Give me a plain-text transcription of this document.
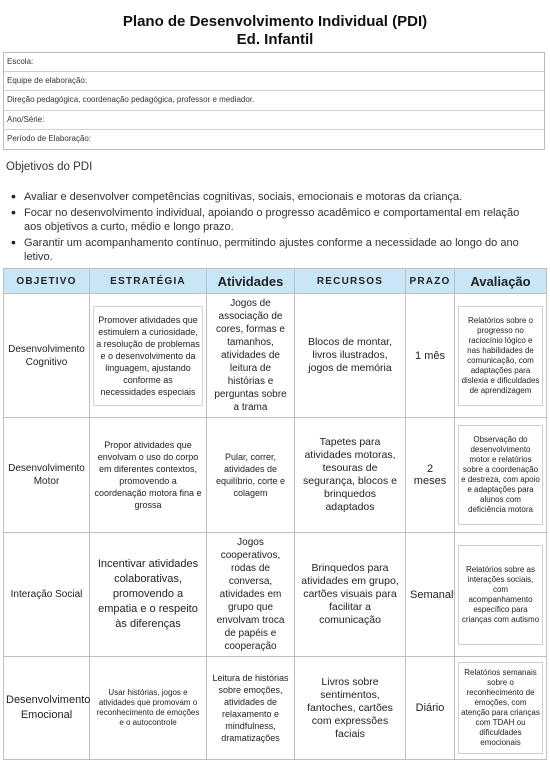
Plano de Desenvolvimento Individual (PDI)
Ed. Infantil
Escola:
Equipe de elaboração:
Direção pedagógica, coordenação pedagógica, professor e mediador.
Ano/Série:
Período de Elaboração:
Objetivos do PDI
• Avaliar e desenvolver competências cognitivas, sociais, emocionais e motoras da criança.
• Focar no desenvolvimento individual, apoiando o progresso acadêmico e comportamental em relação aos objetivos a curto, médio e longo prazo.
• Garantir um acompanhamento contínuo, permitindo ajustes conforme a necessidade ao longo do ano letivo.
OBJETIVO	ESTRATÉGIA	Atividades	RECURSOS	PRAZO	Avaliação
Desenvolvimento Cognitivo	Promover atividades que estimulem a curiosidade, a resolução de problemas e o desenvolvimento da linguagem, ajustando conforme as necessidades especiais	Jogos de associação de cores, formas e tamanhos, atividades de leitura de histórias e perguntas sobre a trama	Blocos de montar, livros ilustrados, jogos de memória	1 mês	Relatórios sobre o progresso no raciocínio lógico e nas habilidades de comunicação, com adaptações para dislexia e dificuldades de aprendizagem

Desenvolvimento Motor	Propor atividades que envolvam o uso do corpo em diferentes contextos, promovendo a coordenação motora fina e grossa	Pular, correr, atividades de equilíbrio, corte e colagem	Tapetes para atividades motoras, tesouras de segurança, blocos e brinquedos adaptados	2 meses	Observação do desenvolvimento motor e relatórios sobre a coordenação e destreza, com apoio e adaptações para alunos com deficiência motora

Interação Social	Incentivar atividades colaborativas, promovendo a empatia e o respeito às diferenças	Jogos cooperativos, rodas de conversa, atividades em grupo que envolvam troca de papéis e cooperação	Brinquedos para atividades em grupo, cartões visuais para facilitar a comunicação	Semanal	Relatórios sobre as interações sociais, com acompanhamento específico para crianças com autismo

Desenvolvimento Emocional	Usar histórias, jogos e atividades que promovam o reconhecimento de emoções e o autocontrole	Leitura de histórias sobre emoções, atividades de relaxamento e mindfulness, dramatizações	Livros sobre sentimentos, fantoches, cartões com expressões faciais	Diário	Relatórios semanais sobre o reconhecimento de emoções, com atenção para crianças com TDAH ou dificuldades emocionais
